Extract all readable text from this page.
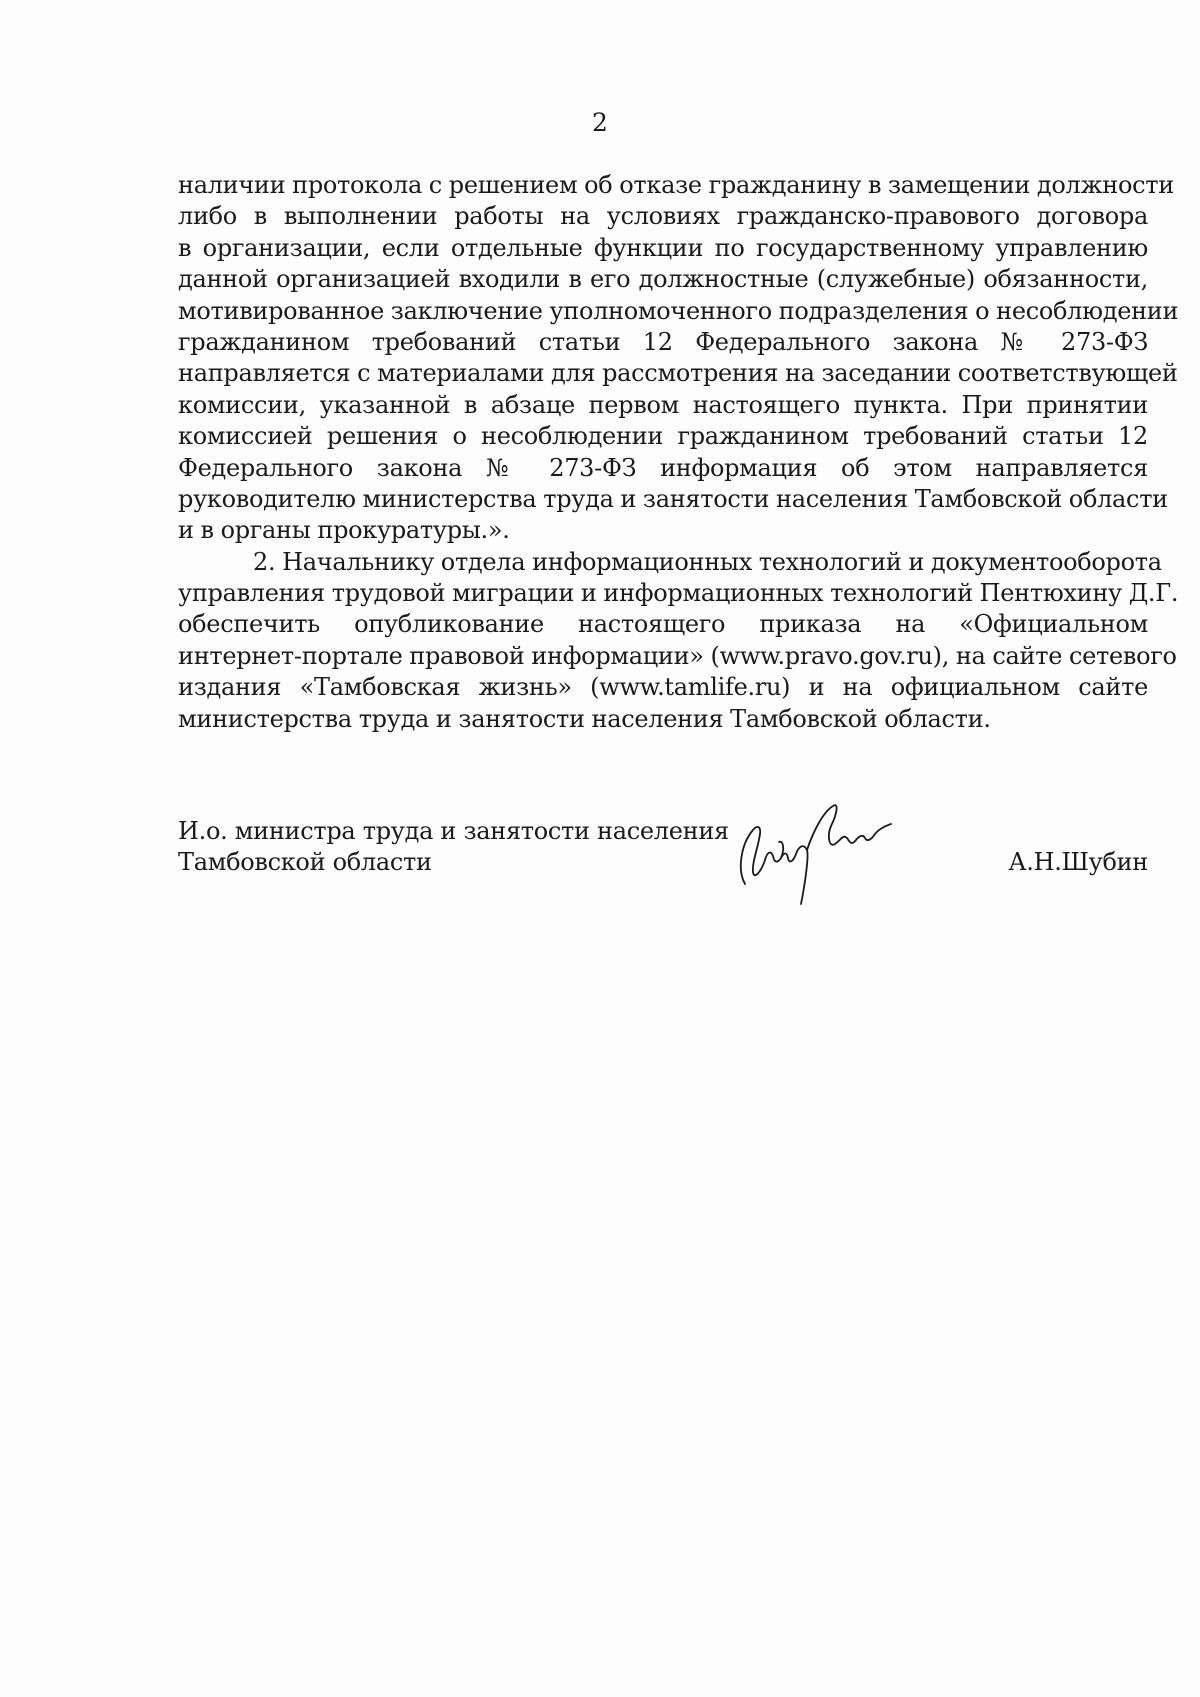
2
наличии протокола с решением об отказе гражданину в замещении должности
либо в выполнении работы на условиях гражданско-правового договора
в организации, если отдельные функции по государственному управлению
данной организацией входили в его должностные (служебные) обязанности,
мотивированное заключение уполномоченного подразделения о несоблюдении
гражданином требований статьи 12 Федерального закона № 273-ФЗ
направляется с материалами для рассмотрения на заседании соответствующей
комиссии, указанной в абзаце первом настоящего пункта. При принятии
комиссией решения о несоблюдении гражданином требований статьи 12
Федерального закона № 273-ФЗ информация об этом направляется
руководителю министерства труда и занятости населения Тамбовской области
и в органы прокуратуры.».
2. Начальнику отдела информационных технологий и документооборота
управления трудовой миграции и информационных технологий Пентюхину Д.Г.
обеспечить опубликование настоящего приказа на «Официальном
интернет-портале правовой информации» (www.pravo.gov.ru), на сайте сетевого
издания «Тамбовская жизнь» (www.tamlife.ru) и на официальном сайте
министерства труда и занятости населения Тамбовской области.
И.о. министра труда и занятости населения
Тамбовской области	А.Н.Шубин
